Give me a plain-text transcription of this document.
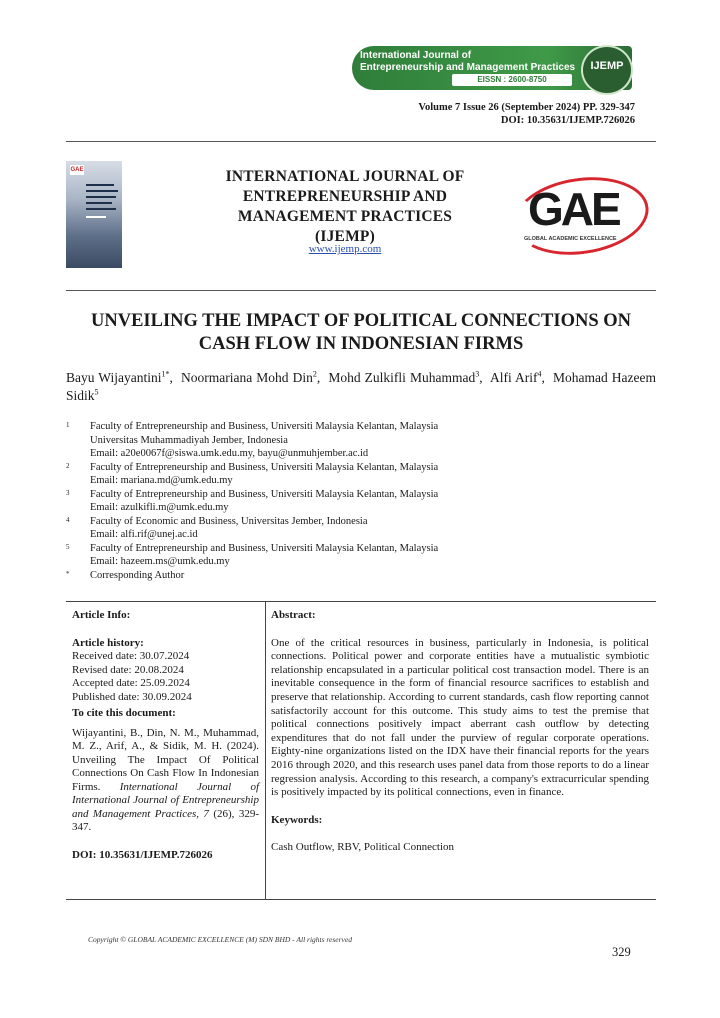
International Journal of
Entrepreneurship and Management Practices
EISSN : 2600-8750
IJEMP
Volume 7 Issue 26 (September 2024) PP. 329-347
DOI: 10.35631/IJEMP.726026
GAE	INTERNATIONAL JOURNAL OF
ENTREPRENEURSHIP AND
MANAGEMENT PRACTICES
(IJEMP)
www.ijemp.com
GAE
GLOBAL ACADEMIC EXCELLENCE
UNVEILING THE IMPACT OF POLITICAL CONNECTIONS ON
CASH FLOW IN INDONESIAN FIRMS
Bayu Wijayantini$^{1*}$,  Noormariana Mohd Din$^2$,  Mohd Zulkifli Muhammad$^3$,  Alfi Arif$^4$,  Mohamad Hazeem Sidik$^5$
1	Faculty of Entrepreneurship and Business, Universiti Malaysia Kelantan, Malaysia
Universitas Muhammadiyah Jember, Indonesia
Email: a20e0067f@siswa.umk.edu.my, bayu@unmuhjember.ac.id
2	Faculty of Entrepreneurship and Business, Universiti Malaysia Kelantan, Malaysia
Email: mariana.md@umk.edu.my
3	Faculty of Entrepreneurship and Business, Universiti Malaysia Kelantan, Malaysia
Email: azulkifli.m@umk.edu.my
4	Faculty of Economic and Business, Universitas Jember, Indonesia
Email: alfi.rif@unej.ac.id
5	Faculty of Entrepreneurship and Business, Universiti Malaysia Kelantan, Malaysia
Email: hazeem.ms@umk.edu.my
*	Corresponding Author

Article Info:

Article history:

Received date: 30.07.2024

Revised date: 20.08.2024

Accepted date: 25.09.2024

Published date: 30.09.2024

To cite this document:

Wijayantini, B., Din, N. M., Muhammad, M. Z., Arif, A., & Sidik, M. H. (2024). Unveiling The Impact Of Political Connections On Cash Flow In Indonesian Firms. International Journal of International Journal of Entrepreneurship and Management Practices, 7 (26), 329-347.

DOI: 10.35631/IJEMP.726026

Abstract:

One of the critical resources in business, particularly in Indonesia, is political connections. Political power and corporate entities have a mutualistic symbiotic relationship encapsulated in a particular political cost transaction model. There is an inevitable consequence in the form of financial resource sacrifices to establish and preserve that relationship. According to current standards, cash flow reporting cannot satisfactorily account for this outcome. This study aims to test the premise that political connections positively impact aberrant cash outflow by detecting expenditures that do not fall under the purview of regular corporate operations. Eighty-nine organizations listed on the IDX have their financial reports for the years 2016 through 2020, and this research uses panel data from those reports to do a linear regression analysis. According to this research, a company's extracurricular spending is positively impacted by its political connections, even in finance.

Keywords:

Cash Outflow, RBV, Political Connection

Copyright © GLOBAL ACADEMIC EXCELLENCE (M) SDN BHD - All rights reserved
329
